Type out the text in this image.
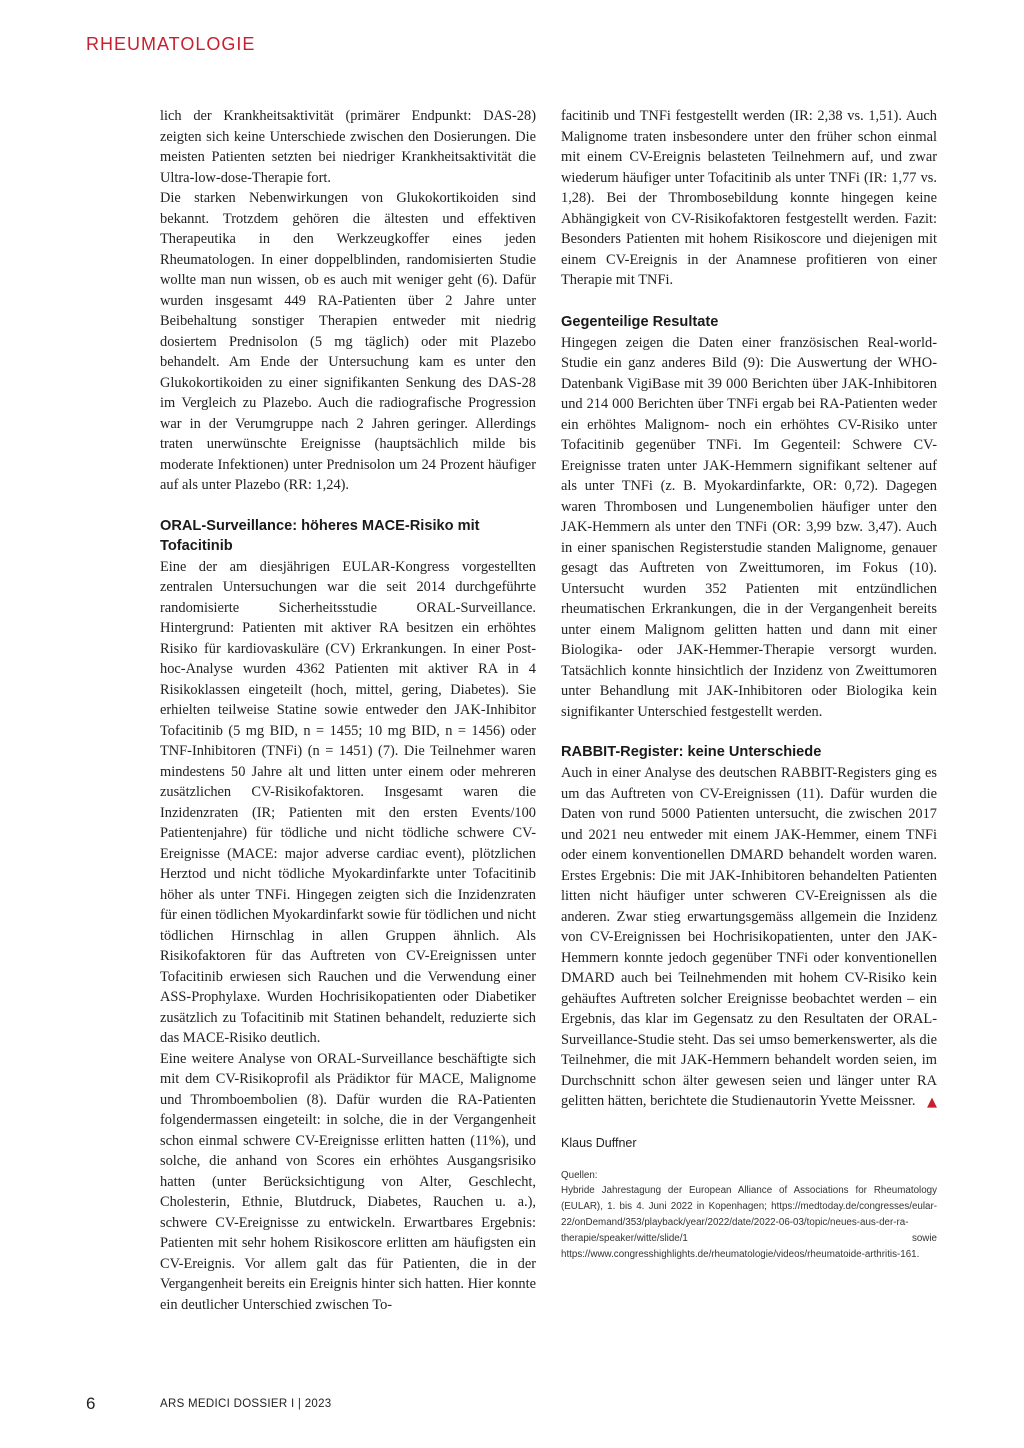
RHEUMATOLOGIE

lich der Krankheitsaktivität (primärer Endpunkt: DAS-28) zeigten sich keine Unterschiede zwischen den Dosierungen. Die meisten Patienten setzten bei niedriger Krankheitsaktivität die Ultra-low-dose-Therapie fort.

Die starken Nebenwirkungen von Glukokortikoiden sind bekannt. Trotzdem gehören die ältesten und effektiven Therapeutika in den Werkzeugkoffer eines jeden Rheumatologen. In einer doppelblinden, randomisierten Studie wollte man nun wissen, ob es auch mit weniger geht (6). Dafür wurden insgesamt 449 RA-Patienten über 2 Jahre unter Beibehaltung sonstiger Therapien entweder mit niedrig dosiertem Prednisolon (5 mg täglich) oder mit Plazebo behandelt. Am Ende der Untersuchung kam es unter den Glukokortikoiden zu einer signifikanten Senkung des DAS-28 im Vergleich zu Plazebo. Auch die radiografische Progression war in der Verumgruppe nach 2 Jahren geringer. Allerdings traten unerwünschte Ereignisse (hauptsächlich milde bis moderate Infektionen) unter Prednisolon um 24 Prozent häufiger auf als unter Plazebo (RR: 1,24).

ORAL-Surveillance: höheres MACE-Risiko mit Tofacitinib

Eine der am diesjährigen EULAR-Kongress vorgestellten zentralen Untersuchungen war die seit 2014 durchgeführte randomisierte Sicherheitsstudie ORAL-Surveillance. Hintergrund: Patienten mit aktiver RA besitzen ein erhöhtes Risiko für kardiovaskuläre (CV) Erkrankungen. In einer Post-hoc-Analyse wurden 4362 Patienten mit aktiver RA in 4 Risikoklassen eingeteilt (hoch, mittel, gering, Diabetes). Sie erhielten teilweise Statine sowie entweder den JAK-Inhibitor Tofacitinib (5 mg BID, n = 1455; 10 mg BID, n = 1456) oder TNF-Inhibitoren (TNFi) (n = 1451) (7). Die Teilnehmer waren mindestens 50 Jahre alt und litten unter einem oder mehreren zusätzlichen CV-Risikofaktoren. Insgesamt waren die Inzidenzraten (IR; Patienten mit den ersten Events/100 Patientenjahre) für tödliche und nicht tödliche schwere CV-Ereignisse (MACE: major adverse cardiac event), plötzlichen Herztod und nicht tödliche Myokardinfarkte unter Tofacitinib höher als unter TNFi. Hingegen zeigten sich die Inzidenzraten für einen tödlichen Myokardinfarkt sowie für tödlichen und nicht tödlichen Hirnschlag in allen Gruppen ähnlich. Als Risikofaktoren für das Auftreten von CV-Ereignissen unter Tofacitinib erwiesen sich Rauchen und die Verwendung einer ASS-Prophylaxe. Wurden Hochrisikopatienten oder Diabetiker zusätzlich zu Tofacitinib mit Statinen behandelt, reduzierte sich das MACE-Risiko deutlich.

Eine weitere Analyse von ORAL-Surveillance beschäftigte sich mit dem CV-Risikoprofil als Prädiktor für MACE, Malignome und Thromboembolien (8). Dafür wurden die RA-Patienten folgendermassen eingeteilt: in solche, die in der Vergangenheit schon einmal schwere CV-Ereignisse erlitten hatten (11%), und solche, die anhand von Scores ein erhöhtes Ausgangsrisiko hatten (unter Berücksichtigung von Alter, Geschlecht, Cholesterin, Ethnie, Blutdruck, Diabetes, Rauchen u. a.), schwere CV-Ereignisse zu entwickeln. Erwartbares Ergebnis: Patienten mit sehr hohem Risikoscore erlitten am häufigsten ein CV-Ereignis. Vor allem galt das für Patienten, die in der Vergangenheit bereits ein Ereignis hinter sich hatten. Hier konnte ein deutlicher Unterschied zwischen To-

facitinib und TNFi festgestellt werden (IR: 2,38 vs. 1,51). Auch Malignome traten insbesondere unter den früher schon einmal mit einem CV-Ereignis belasteten Teilnehmern auf, und zwar wiederum häufiger unter Tofacitinib als unter TNFi (IR: 1,77 vs. 1,28). Bei der Thrombosebildung konnte hingegen keine Abhängigkeit von CV-Risikofaktoren festgestellt werden. Fazit: Besonders Patienten mit hohem Risikoscore und diejenigen mit einem CV-Ereignis in der Anamnese profitieren von einer Therapie mit TNFi.

Gegenteilige Resultate

Hingegen zeigen die Daten einer französischen Real-world-Studie ein ganz anderes Bild (9): Die Auswertung der WHO-Datenbank VigiBase mit 39 000 Berichten über JAK-Inhibitoren und 214 000 Berichten über TNFi ergab bei RA-Patienten weder ein erhöhtes Malignom- noch ein erhöhtes CV-Risiko unter Tofacitinib gegenüber TNFi. Im Gegenteil: Schwere CV-Ereignisse traten unter JAK-Hemmern signifikant seltener auf als unter TNFi (z. B. Myokardinfarkte, OR: 0,72). Dagegen waren Thrombosen und Lungenembolien häufiger unter den JAK-Hemmern als unter den TNFi (OR: 3,99 bzw. 3,47). Auch in einer spanischen Registerstudie standen Malignome, genauer gesagt das Auftreten von Zweittumoren, im Fokus (10). Untersucht wurden 352 Patienten mit entzündlichen rheumatischen Erkrankungen, die in der Vergangenheit bereits unter einem Malignom gelitten hatten und dann mit einer Biologika- oder JAK-Hemmer-Therapie versorgt wurden. Tatsächlich konnte hinsichtlich der Inzidenz von Zweittumoren unter Behandlung mit JAK-Inhibitoren oder Biologika kein signifikanter Unterschied festgestellt werden.

RABBIT-Register: keine Unterschiede

Auch in einer Analyse des deutschen RABBIT-Registers ging es um das Auftreten von CV-Ereignissen (11). Dafür wurden die Daten von rund 5000 Patienten untersucht, die zwischen 2017 und 2021 neu entweder mit einem JAK-Hemmer, einem TNFi oder einem konventionellen DMARD behandelt worden waren. Erstes Ergebnis: Die mit JAK-Inhibitoren behandelten Patienten litten nicht häufiger unter schweren CV-Ereignissen als die anderen. Zwar stieg erwartungsgemäss allgemein die Inzidenz von CV-Ereignissen bei Hochrisikopatienten, unter den JAK-Hemmern konnte jedoch gegenüber TNFi oder konventionellen DMARD auch bei Teilnehmenden mit hohem CV-Risiko kein gehäuftes Auftreten solcher Ereignisse beobachtet werden – ein Ergebnis, das klar im Gegensatz zu den Resultaten der ORAL-Surveillance-Studie steht. Das sei umso bemerkenswerter, als die Teilnehmer, die mit JAK-Hemmern behandelt worden seien, im Durchschnitt schon älter gewesen seien und länger unter RA gelitten hätten, berichtete die Studienautorin Yvette Meissner. ▲

Klaus Duffner
Quellen:
Hybride Jahrestagung der European Alliance of Associations for Rheumatology (EULAR), 1. bis 4. Juni 2022 in Kopenhagen; https://medtoday.de/congresses/eular-22/onDemand/353/playback/year/2022/date/2022-06-03/topic/neues-aus-der-ra-therapie/speaker/witte/slide/1 sowie https://www.congresshighlights.de/rheumatologie/videos/rheumatoide-arthritis-161.
6	ARS MEDICI DOSSIER I | 2023
